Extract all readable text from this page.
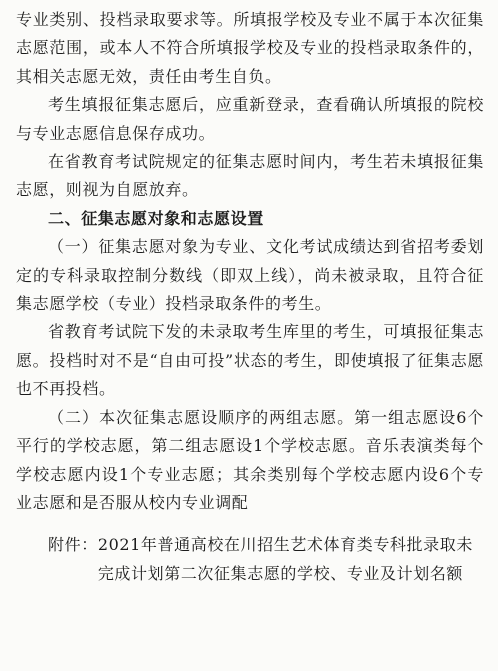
专业类别、投档录取要求等。所填报学校及专业不属于本次征集志愿范围，或本人不符合所填报学校及专业的投档录取条件的，其相关志愿无效，责任由考生自负。

考生填报征集志愿后，应重新登录，查看确认所填报的院校与专业志愿信息保存成功。

在省教育考试院规定的征集志愿时间内，考生若未填报征集志愿，则视为自愿放弃。

二、征集志愿对象和志愿设置

（一）征集志愿对象为专业、文化考试成绩达到省招考委划定的专科录取控制分数线（即双上线），尚未被录取，且符合征集志愿学校（专业）投档录取条件的考生。

省教育考试院下发的未录取考生库里的考生，可填报征集志愿。投档时对不是“自由可投”状态的考生，即使填报了征集志愿也不再投档。

（二）本次征集志愿设顺序的两组志愿。第一组志愿设6个平行的学校志愿，第二组志愿设1个学校志愿。音乐表演类每个学校志愿内设1个专业志愿；其余类别每个学校志愿内设6个专业志愿和是否服从校内专业调配

附件： 2021年普通高校在川招生艺术体育类专科批录取未完成计划第二次征集志愿的学校、专业及计划名额
